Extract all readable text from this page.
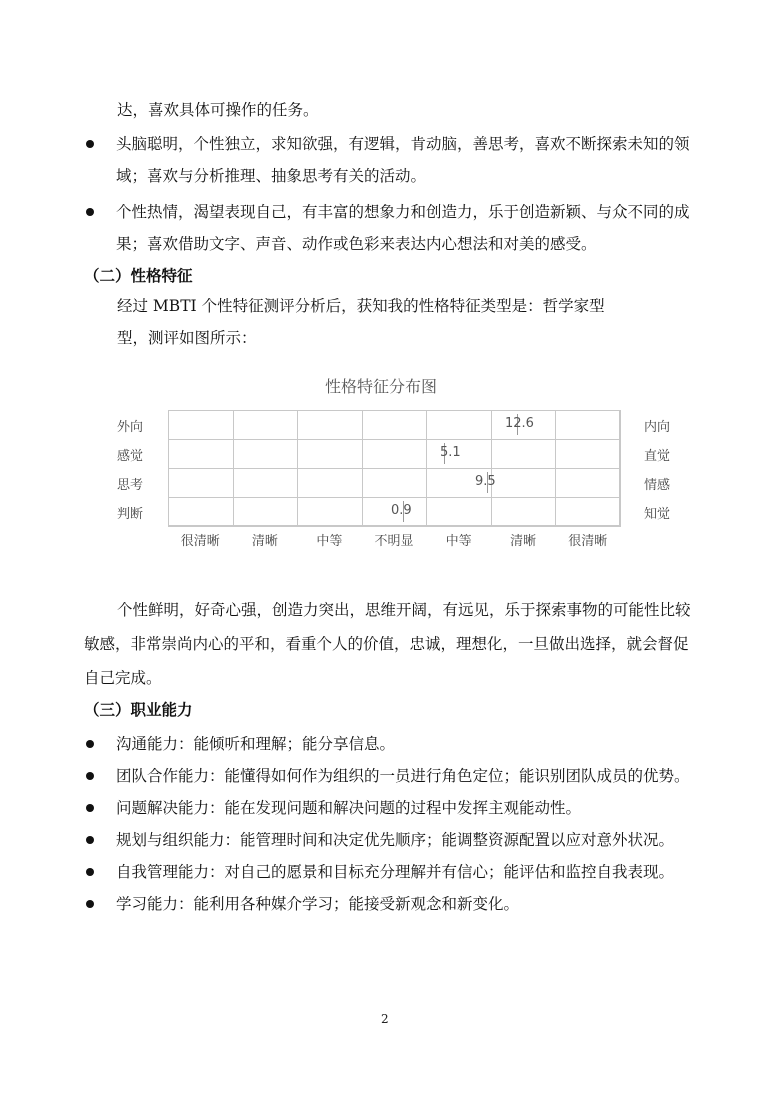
达，喜欢具体可操作的任务。
头脑聪明，个性独立，求知欲强，有逻辑，肯动脑，善思考，喜欢不断探索未知的领
域；喜欢与分析推理、抽象思考有关的活动。
个性热情，渴望表现自己，有丰富的想象力和创造力，乐于创造新颖、与众不同的成
果；喜欢借助文字、声音、动作或色彩来表达内心想法和对美的感受。
（二）性格特征
经过 MBTI 个性特征测评分析后，获知我的性格特征类型是：哲学家型
型，测评如图所示：
性格特征分布图
外向
感觉
思考
判断
内向
直觉
情感
知觉
很清晰 清晰	中等 不明显 中等	清晰 很清晰
12.6
5.1
9.5
0.9
个性鲜明，好奇心强，创造力突出，思维开阔，有远见，乐于探索事物的可能性比较
敏感，非常崇尚内心的平和，看重个人的价值，忠诚，理想化，一旦做出选择，就会督促
自己完成。
（三）职业能力
沟通能力：能倾听和理解；能分享信息。
团队合作能力：能懂得如何作为组织的一员进行角色定位；能识别团队成员的优势。
问题解决能力：能在发现问题和解决问题的过程中发挥主观能动性。
规划与组织能力：能管理时间和决定优先顺序；能调整资源配置以应对意外状况。
自我管理能力：对自己的愿景和目标充分理解并有信心；能评估和监控自我表现。
学习能力：能利用各种媒介学习；能接受新观念和新变化。
2
